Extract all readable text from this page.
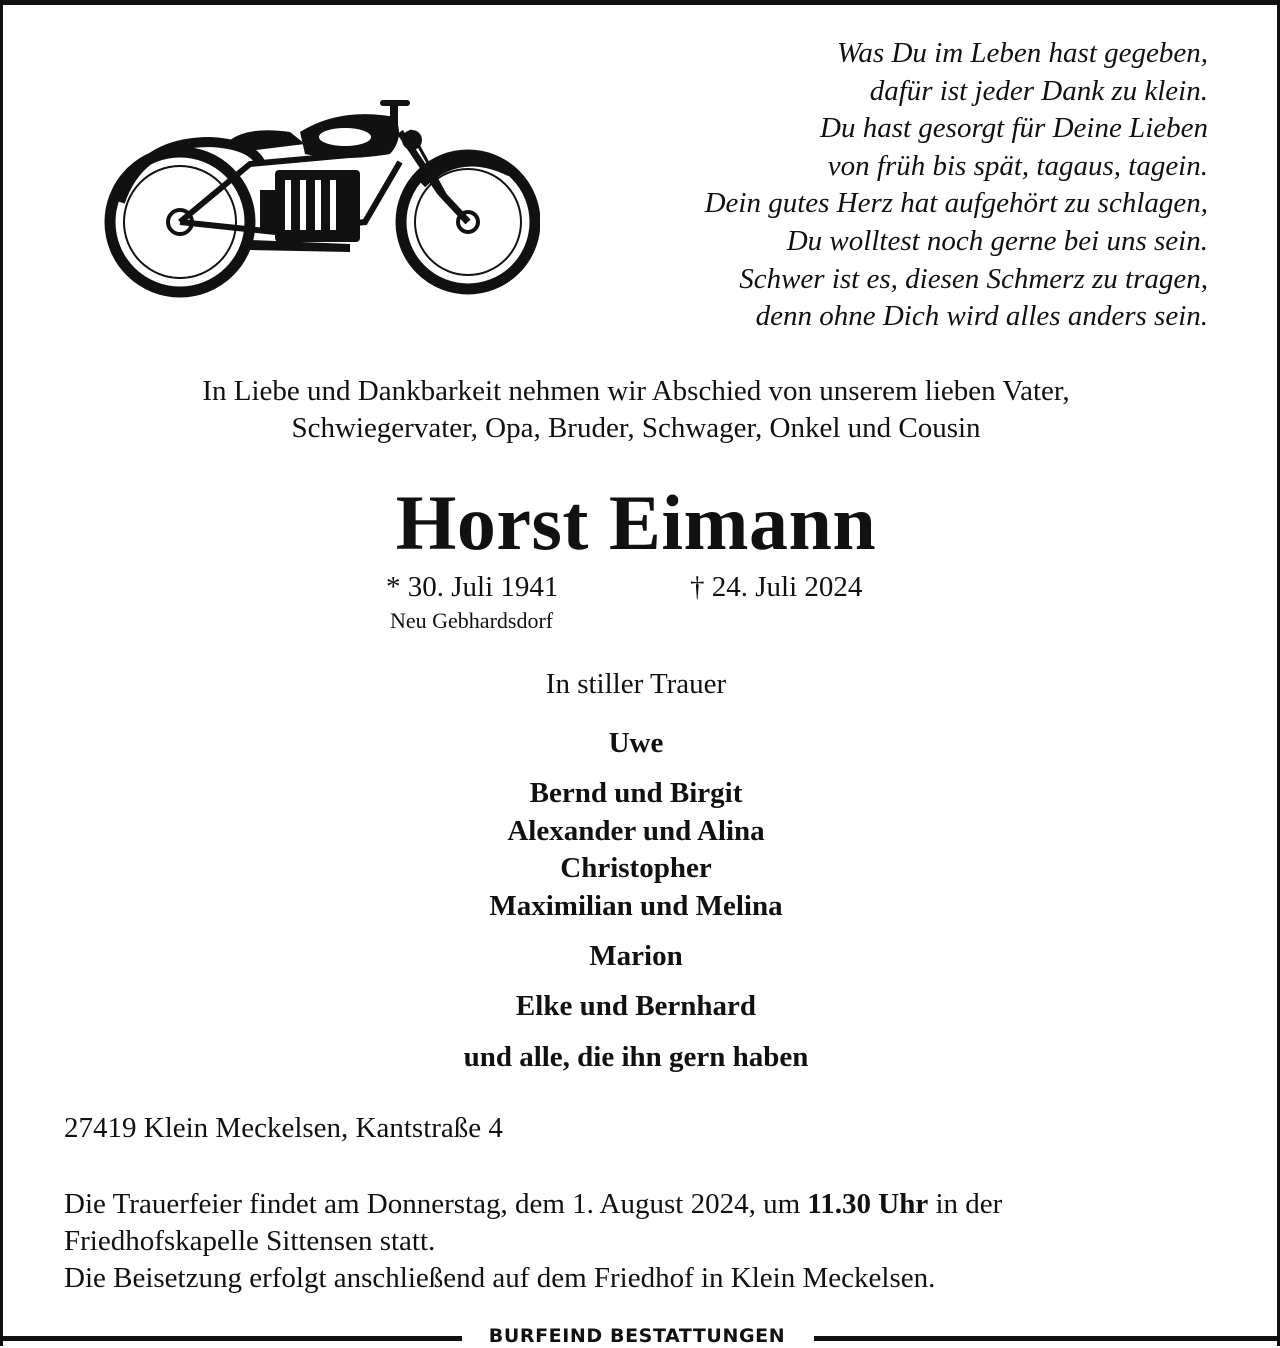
Was Du im Leben hast gegeben,
dafür ist jeder Dank zu klein.
Du hast gesorgt für Deine Lieben
von früh bis spät, tagaus, tagein.
Dein gutes Herz hat aufgehört zu schlagen,
Du wolltest noch gerne bei uns sein.
Schwer ist es, diesen Schmerz zu tragen,
denn ohne Dich wird alles anders sein.
In Liebe und Dankbarkeit nehmen wir Abschied von unserem lieben Vater,
Schwiegervater, Opa, Bruder, Schwager, Onkel und Cousin
Horst Eimann
* 30. Juli 1941	† 24. Juli 2024
Neu Gebhardsdorf
In stiller Trauer
Uwe
Bernd und Birgit
Alexander und Alina
Christopher
Maximilian und Melina
Marion
Elke und Bernhard
und alle, die ihn gern haben
27419 Klein Meckelsen, Kantstraße 4
Die Trauerfeier findet am Donnerstag, dem 1. August 2024, um 11.30 Uhr in der
Friedhofskapelle Sittensen statt.
Die Beisetzung erfolgt anschließend auf dem Friedhof in Klein Meckelsen.
BURFEIND BESTATTUNGEN
